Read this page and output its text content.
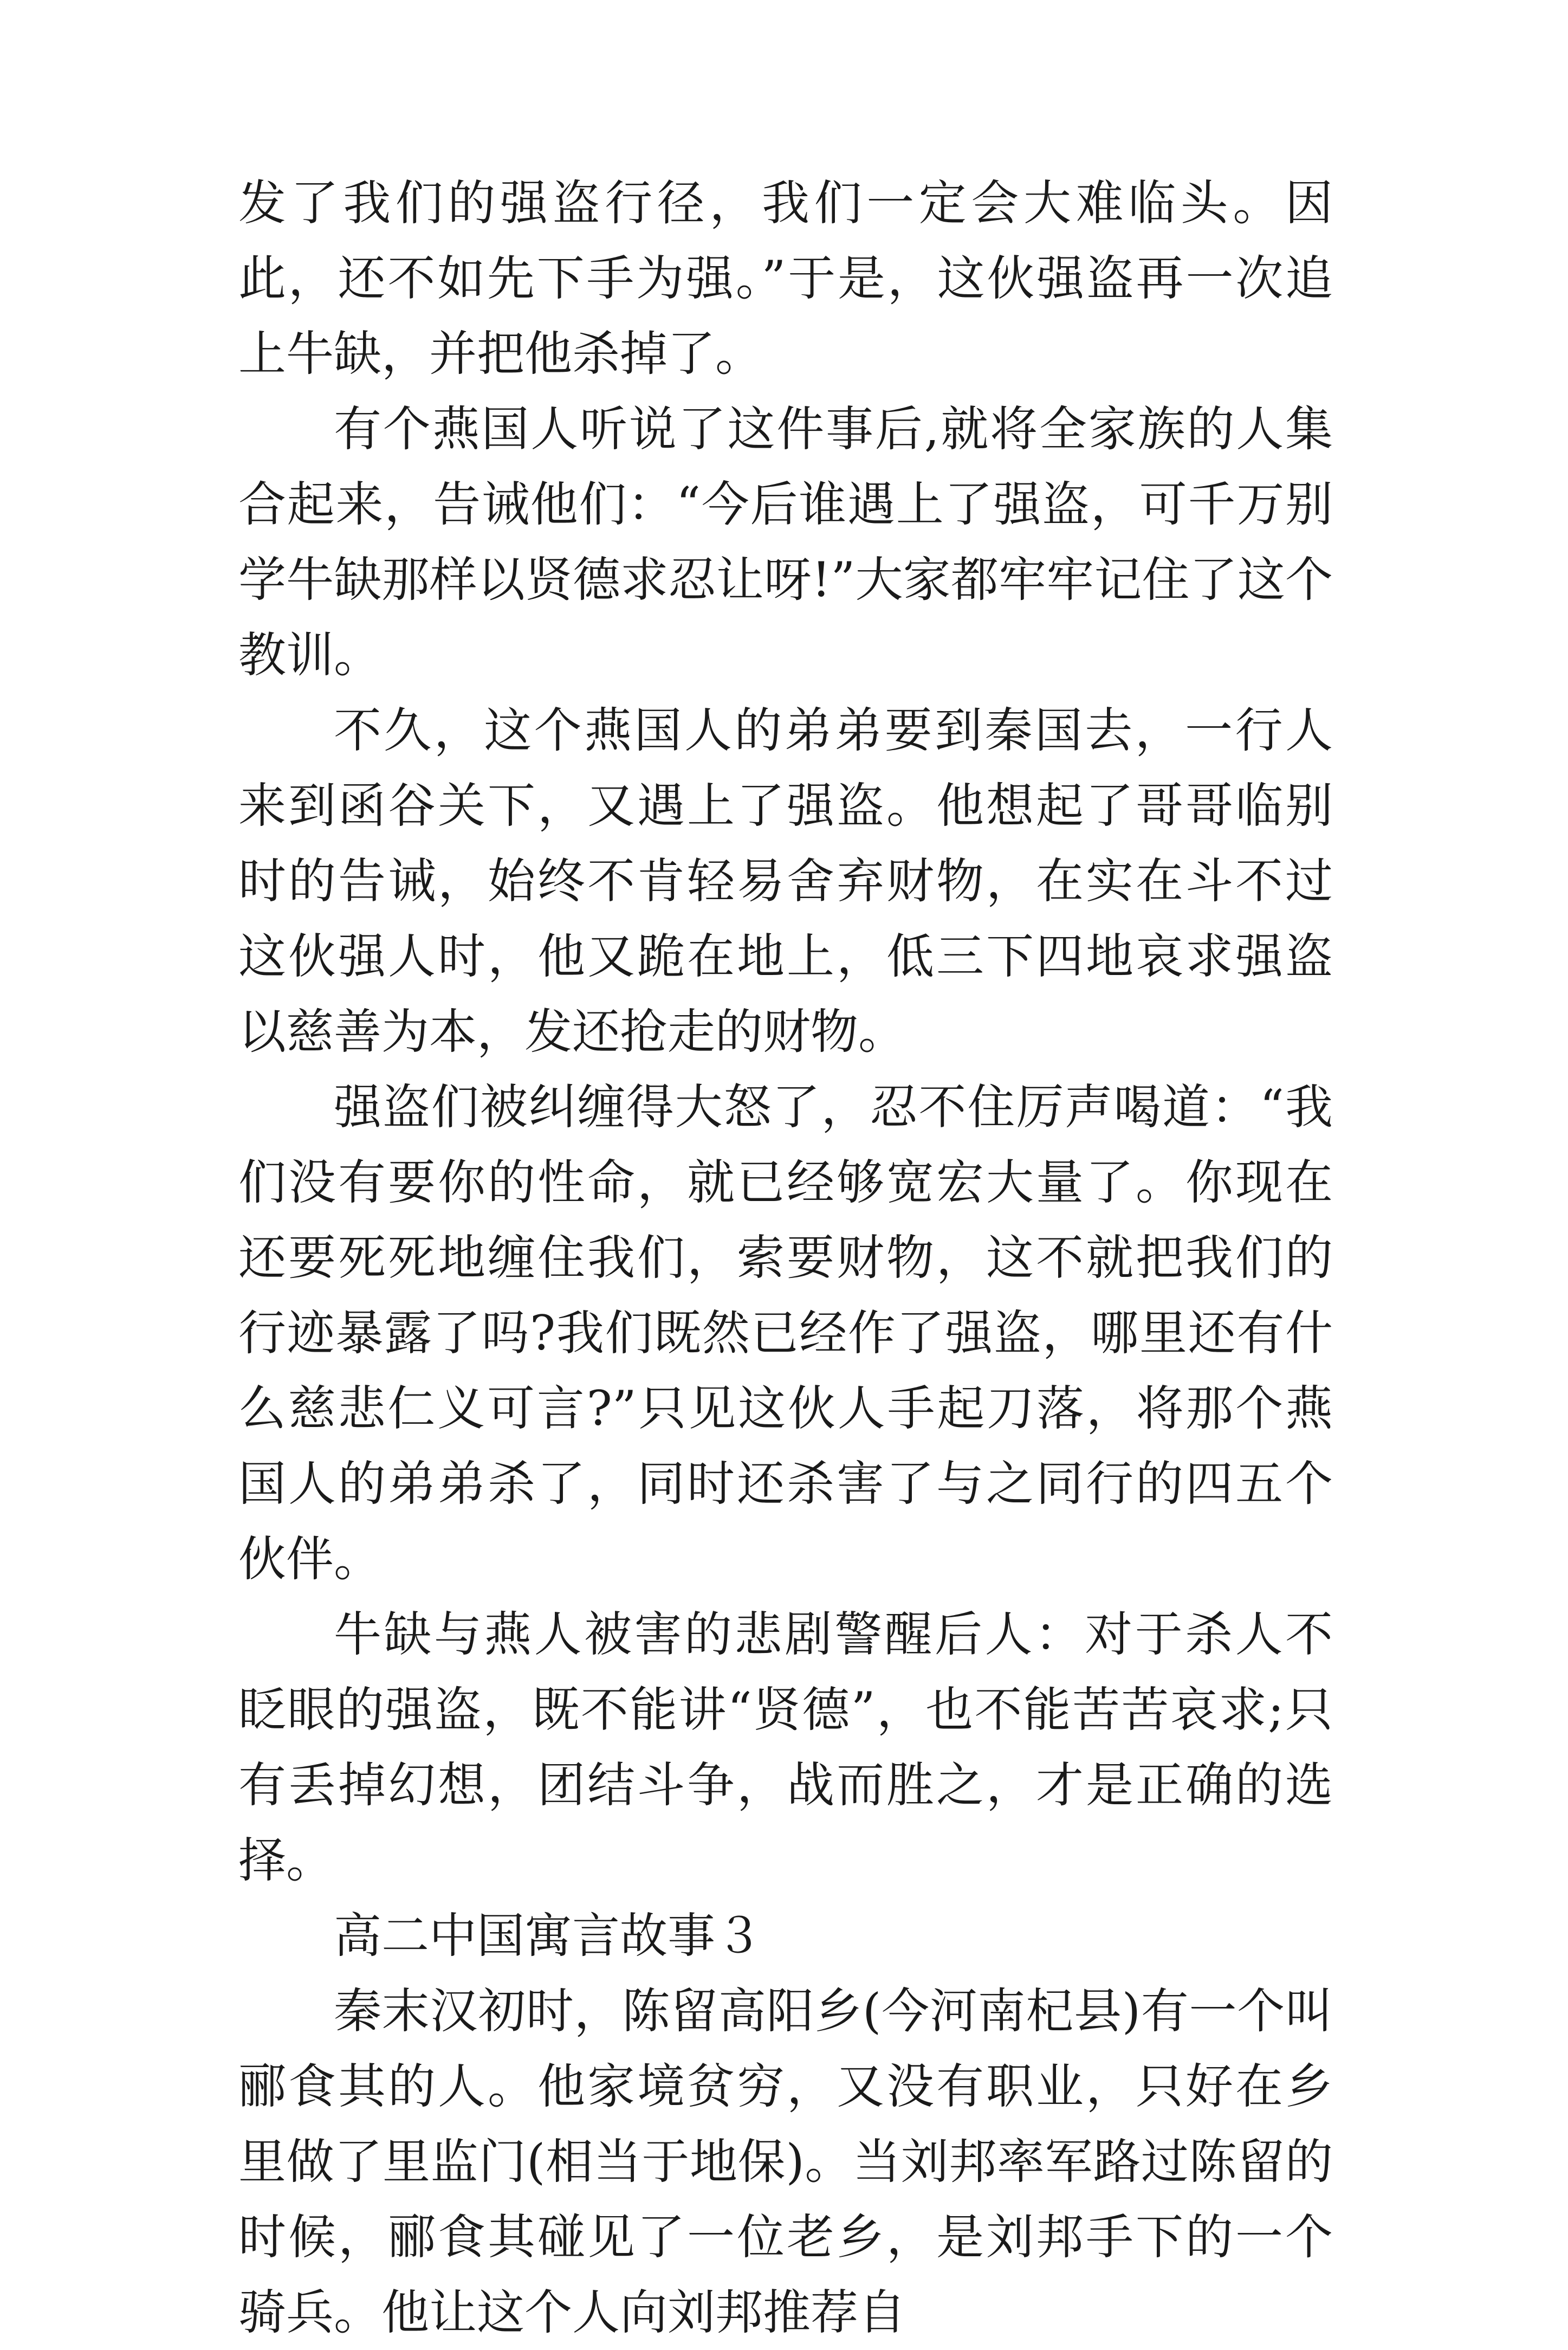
发了我们的强盗行径，我们一定会大难临头。因此，还不如先下手为强。”于是，这伙强盗再一次追上牛缺，并把他杀掉了。

有个燕国人听说了这件事后,就将全家族的人集合起来，告诫他们：“今后谁遇上了强盗，可千万别学牛缺那样以贤德求忍让呀!”大家都牢牢记住了这个教训。

不久，这个燕国人的弟弟要到秦国去，一行人来到函谷关下，又遇上了强盗。他想起了哥哥临别时的告诫，始终不肯轻易舍弃财物，在实在斗不过这伙强人时，他又跪在地上，低三下四地哀求强盗以慈善为本，发还抢走的财物。

强盗们被纠缠得大怒了，忍不住厉声喝道：“我们没有要你的性命，就已经够宽宏大量了。你现在还要死死地缠住我们，索要财物，这不就把我们的行迹暴露了吗?我们既然已经作了强盗，哪里还有什么慈悲仁义可言?”只见这伙人手起刀落，将那个燕国人的弟弟杀了，同时还杀害了与之同行的四五个伙伴。

牛缺与燕人被害的悲剧警醒后人：对于杀人不眨眼的强盗，既不能讲“贤德”，也不能苦苦哀求;只有丢掉幻想，团结斗争，战而胜之，才是正确的选择。

高二中国寓言故事３

秦末汉初时，陈留高阳乡(今河南杞县)有一个叫郦食其的人。他家境贫穷，又没有职业，只好在乡里做了里监门(相当于地保)。当刘邦率军路过陈留的时候，郦食其碰见了一位老乡，是刘邦手下的一个骑兵。他让这个人向刘邦推荐自
